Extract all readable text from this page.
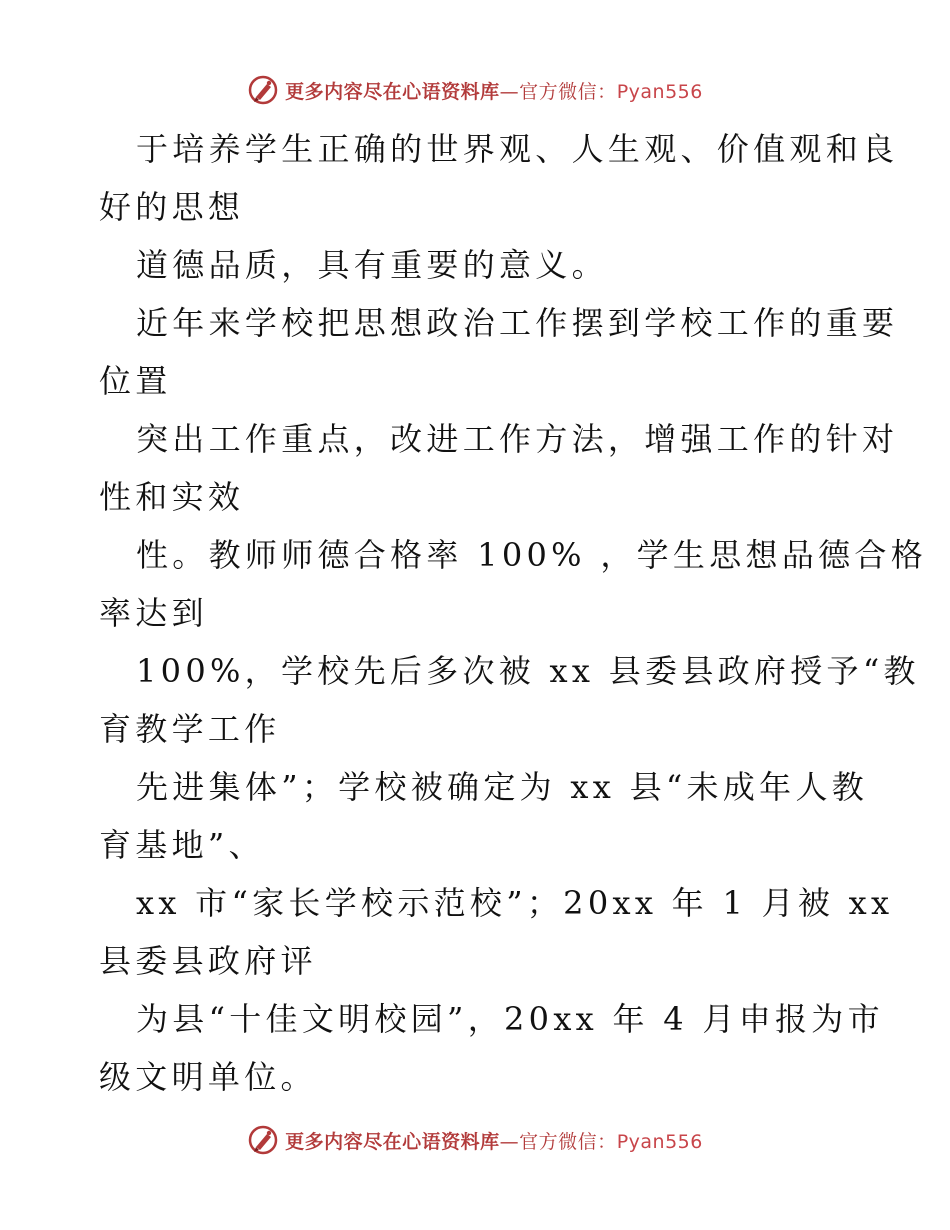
更多内容尽在心语资料库—官方微信：Pyan556
于培养学生正确的世界观、人生观、价值观和良
好的思想
道德品质，具有重要的意义。
近年来学校把思想政治工作摆到学校工作的重要
位置
突出工作重点，改进工作方法，增强工作的针对
性和实效
性。教师师德合格率 100% ，学生思想品德合格
率达到
100%，学校先后多次被 xx 县委县政府授予“教
育教学工作
先进集体”；学校被确定为 xx 县“未成年人教
育基地”、
xx 市“家长学校示范校”；20xx 年 1 月被 xx
县委县政府评
为县“十佳文明校园”，20xx 年 4 月申报为市
级文明单位。
更多内容尽在心语资料库—官方微信：Pyan556
